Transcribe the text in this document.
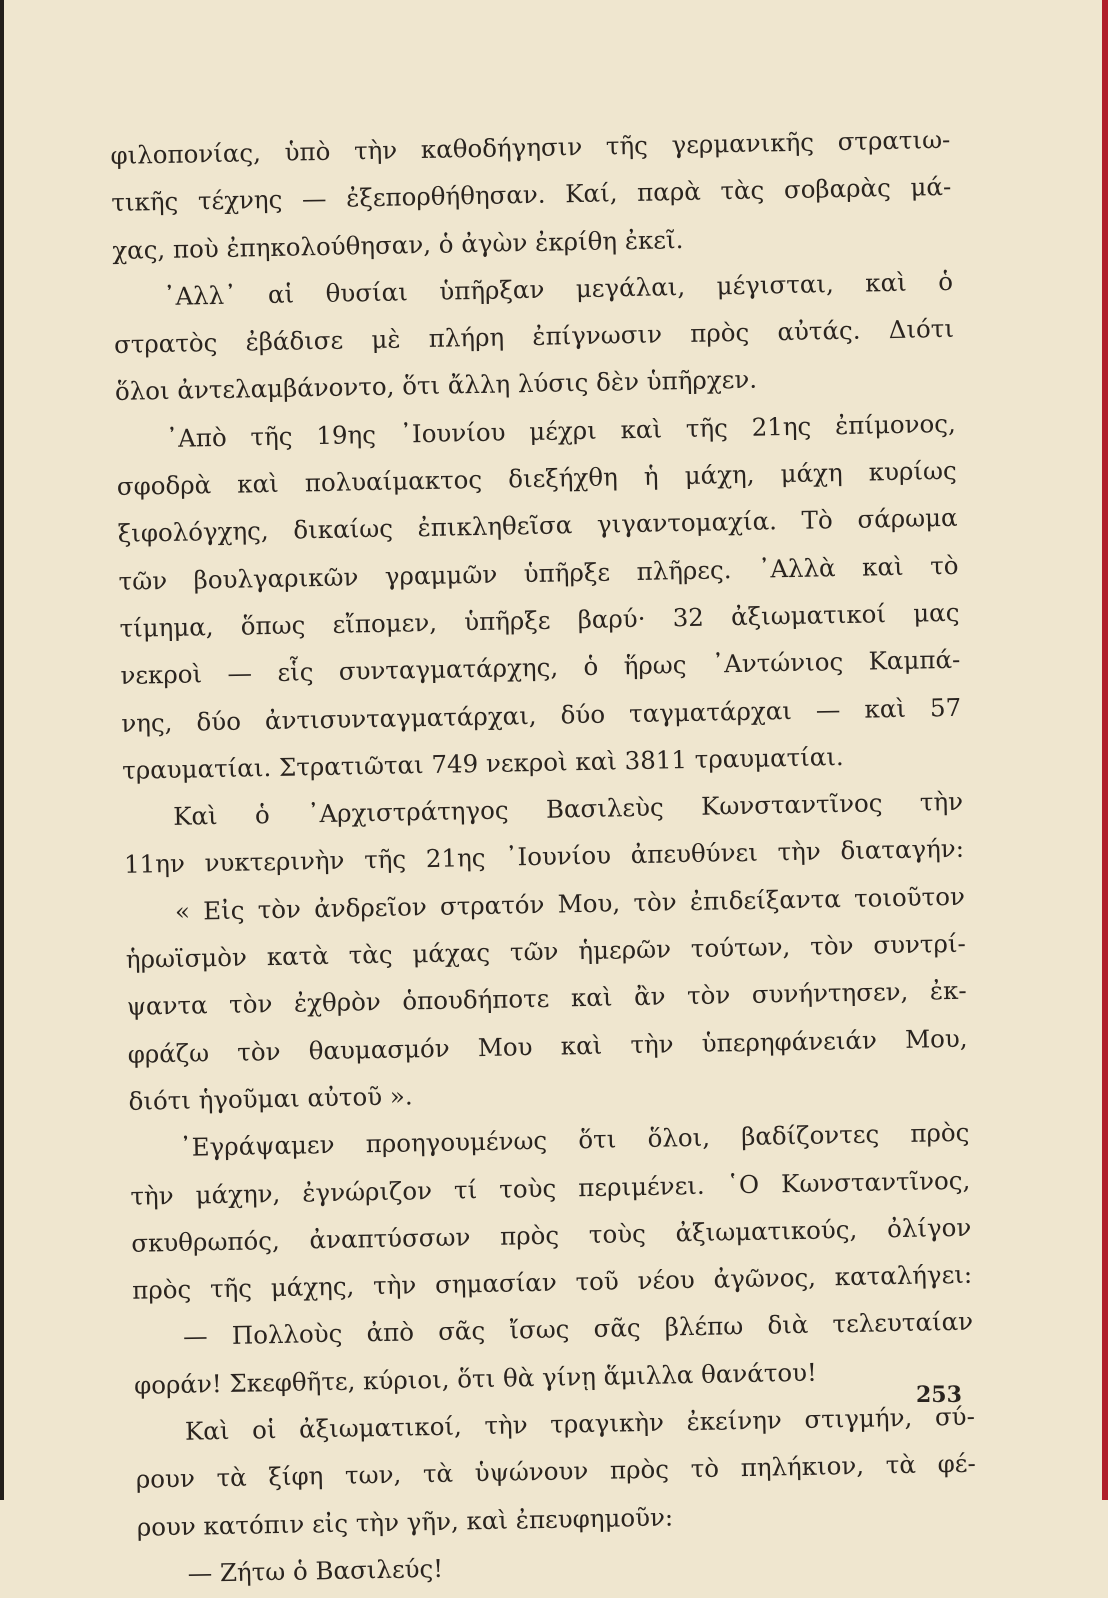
φιλοπονίας, ὑπὸ τὴν καθοδήγησιν τῆς γερμανικῆς στρατιω-
τικῆς τέχνης — ἐξεπορθήθησαν. Καί, παρὰ τὰς σοβαρὰς μά-
χας, ποὺ ἐπηκολούθησαν, ὁ ἀγὼν ἐκρίθη ἐκεῖ.
᾿Αλλ᾿ αἱ θυσίαι ὑπῆρξαν μεγάλαι, μέγισται, καὶ ὁ
στρατὸς ἐβάδισε μὲ πλήρη ἐπίγνωσιν πρὸς αὐτάς. Διότι
ὅλοι ἀντελαμβάνοντο, ὅτι ἄλλη λύσις δὲν ὑπῆρχεν.
᾿Απὸ τῆς 19ης ᾿Ιουνίου μέχρι καὶ τῆς 21ης ἐπίμονος,
σφοδρὰ καὶ πολυαίμακτος διεξήχθη ἡ μάχη, μάχη κυρίως
ξιφολόγχης, δικαίως ἐπικληθεῖσα γιγαντομαχία. Τὸ σάρωμα
τῶν βουλγαρικῶν γραμμῶν ὑπῆρξε πλῆρες. ᾿Αλλὰ καὶ τὸ
τίμημα, ὅπως εἴπομεν, ὑπῆρξε βαρύ· 32 ἀξιωματικοί μας
νεκροὶ — εἷς συνταγματάρχης, ὁ ἥρως ᾿Αντώνιος Καμπά-
νης, δύο ἀντισυνταγματάρχαι, δύο ταγματάρχαι — καὶ 57
τραυματίαι. Στρατιῶται 749 νεκροὶ καὶ 3811 τραυματίαι.
Καὶ ὁ ᾿Αρχιστράτηγος Βασιλεὺς Κωνσταντῖνος τὴν
11ην νυκτερινὴν τῆς 21ης ᾿Ιουνίου ἀπευθύνει τὴν διαταγήν:
« Εἰς τὸν ἀνδρεῖον στρατόν Μου, τὸν ἐπιδείξαντα τοιοῦτον
ἡρωϊσμὸν κατὰ τὰς μάχας τῶν ἡμερῶν τούτων, τὸν συντρί-
ψαντα τὸν ἐχθρὸν ὁπουδήποτε καὶ ἂν τὸν συνήντησεν, ἐκ-
φράζω τὸν θαυμασμόν Μου καὶ τὴν ὑπερηφάνειάν Μου,
διότι ἡγοῦμαι αὐτοῦ ».
᾿Εγράψαμεν προηγουμένως ὅτι ὅλοι, βαδίζοντες πρὸς
τὴν μάχην, ἐγνώριζον τί τοὺς περιμένει. ῾Ο Κωνσταντῖνος,
σκυθρωπός, ἀναπτύσσων πρὸς τοὺς ἀξιωματικούς, ὀλίγον
πρὸς τῆς μάχης, τὴν σημασίαν τοῦ νέου ἀγῶνος, καταλήγει:
— Πολλοὺς ἀπὸ σᾶς ἴσως σᾶς βλέπω διὰ τελευταίαν
φοράν! Σκεφθῆτε, κύριοι, ὅτι θὰ γίνῃ ἅμιλλα θανάτου!
Καὶ οἱ ἀξιωματικοί, τὴν τραγικὴν ἐκείνην στιγμήν, σύ-
ρουν τὰ ξίφη των, τὰ ὑψώνουν πρὸς τὸ πηλήκιον, τὰ φέ-
ρουν κατόπιν εἰς τὴν γῆν, καὶ ἐπευφημοῦν:
— Ζήτω ὁ Βασιλεύς!
253
